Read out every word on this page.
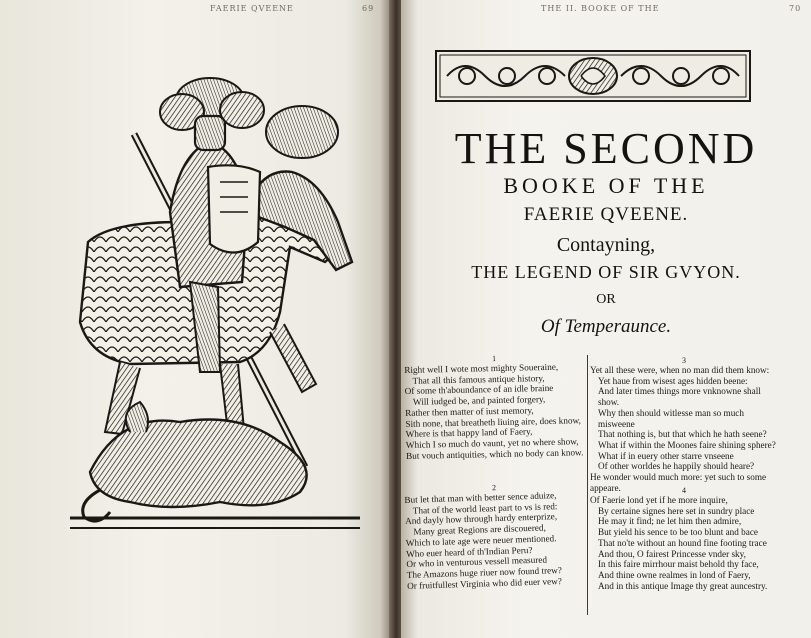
FAERIE QVEENE	69	THE II. BOOKE OF THE	70
THE SECOND
BOOKE OF THE
FAERIE QVEENE.
Contayning,
THE LEGEND OF SIR GVYON.
OR
Of Temperaunce.
1
Right well I wote most mighty Soueraine,
That all this famous antique history,
Of some th'aboundance of an idle braine
Will iudged be, and painted forgery,
Rather then matter of iust memory,
Sith none, that breatheth liuing aire, does know,
Where is that happy land of Faery,
Which I so much do vaunt, yet no where show,
But vouch antiquities, which no body can know.
2
But let that man with better sence aduize,
That of the world least part to vs is red:
And dayly how through hardy enterprize,
Many great Regions are discouered,
Which to late age were neuer mentioned.
Who euer heard of th'Indian Peru?
Or who in venturous vessell measured
The Amazons huge riuer now found trew?
Or fruitfullest Virginia who did euer vew?
3
Yet all these were, when no man did them know:
Yet haue from wisest ages hidden beene:
And later times things more vnknowne shall show.
Why then should witlesse man so much misweene
That nothing is, but that which he hath seene?
What if within the Moones faire shining sphere?
What if in euery other starre vnseene
Of other worldes he happily should heare?
He wonder would much more: yet such to some appeare.	4
Of Faerie lond yet if he more inquire,
By certaine signes here set in sundry place
He may it find; ne let him then admire,
But yield his sence to be too blunt and bace
That no'te without an hound fine footing trace
And thou, O fairest Princesse vnder sky,
In this faire mirrhour maist behold thy face,
And thine owne realmes in lond of Faery,
And in this antique Image thy great auncestry.
